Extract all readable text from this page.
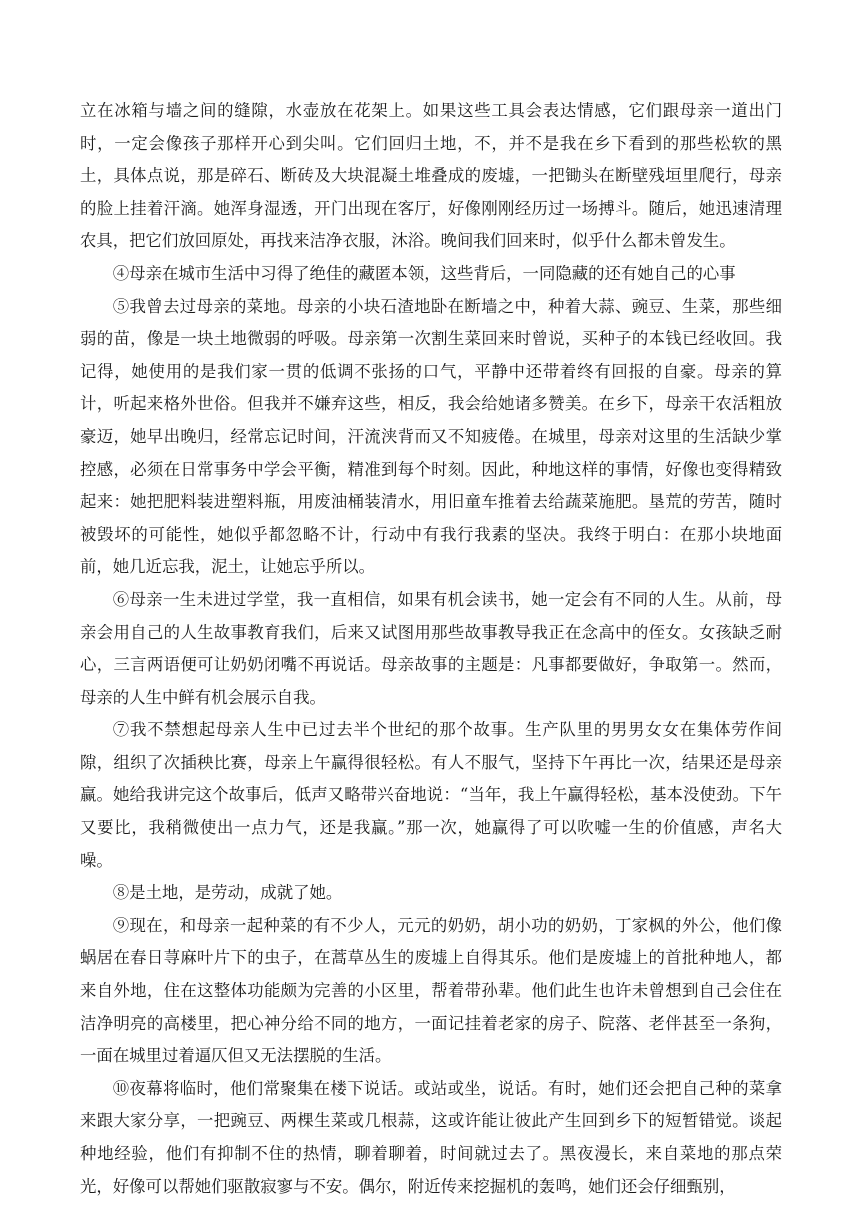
立在冰箱与墙之间的缝隙，水壶放在花架上。如果这些工具会表达情感，它们跟母亲一道出门时，一定会像孩子那样开心到尖叫。它们回归土地，不，并不是我在乡下看到的那些松软的黑土，具体点说，那是碎石、断砖及大块混凝土堆叠成的废墟，一把锄头在断壁残垣里爬行，母亲的脸上挂着汗滴。她浑身湿透，开门出现在客厅，好像刚刚经历过一场搏斗。随后，她迅速清理农具，把它们放回原处，再找来洁净衣服，沐浴。晚间我们回来时，似乎什么都未曾发生。

④母亲在城市生活中习得了绝佳的藏匿本领，这些背后，一同隐藏的还有她自己的心事

⑤我曾去过母亲的菜地。母亲的小块石渣地卧在断墙之中，种着大蒜、豌豆、生菜，那些细弱的苗，像是一块土地微弱的呼吸。母亲第一次割生菜回来时曾说，买种子的本钱已经收回。我记得，她使用的是我们家一贯的低调不张扬的口气，平静中还带着终有回报的自豪。母亲的算计，听起来格外世俗。但我并不嫌弃这些，相反，我会给她诸多赞美。在乡下，母亲干农活粗放豪迈，她早出晚归，经常忘记时间，汗流浃背而又不知疲倦。在城里，母亲对这里的生活缺少掌控感，必须在日常事务中学会平衡，精准到每个时刻。因此，种地这样的事情，好像也变得精致起来：她把肥料装进塑料瓶，用废油桶装清水，用旧童车推着去给蔬菜施肥。垦荒的劳苦，随时被毁坏的可能性，她似乎都忽略不计，行动中有我行我素的坚决。我终于明白：在那小块地面前，她几近忘我，泥土，让她忘乎所以。

⑥母亲一生未进过学堂，我一直相信，如果有机会读书，她一定会有不同的人生。从前，母亲会用自己的人生故事教育我们，后来又试图用那些故事教导我正在念高中的侄女。女孩缺乏耐心，三言两语便可让奶奶闭嘴不再说话。母亲故事的主题是：凡事都要做好，争取第一。然而，母亲的人生中鲜有机会展示自我。

⑦我不禁想起母亲人生中已过去半个世纪的那个故事。生产队里的男男女女在集体劳作间隙，组织了次插秧比赛，母亲上午赢得很轻松。有人不服气，坚持下午再比一次，结果还是母亲赢。她给我讲完这个故事后，低声又略带兴奋地说：“当年，我上午赢得轻松，基本没使劲。下午又要比，我稍微使出一点力气，还是我赢。”那一次，她赢得了可以吹嘘一生的价值感，声名大噪。

⑧是土地，是劳动，成就了她。

⑨现在，和母亲一起种菜的有不少人，元元的奶奶，胡小功的奶奶，丁家枫的外公，他们像蜗居在春日荨麻叶片下的虫子，在蒿草丛生的废墟上自得其乐。他们是废墟上的首批种地人，都来自外地，住在这整体功能颇为完善的小区里，帮着带孙辈。他们此生也许未曾想到自己会住在洁净明亮的高楼里，把心神分给不同的地方，一面记挂着老家的房子、院落、老伴甚至一条狗，一面在城里过着逼仄但又无法摆脱的生活。

⑩夜幕将临时，他们常聚集在楼下说话。或站或坐，说话。有时，她们还会把自己种的菜拿来跟大家分享，一把豌豆、两棵生菜或几根蒜，这或许能让彼此产生回到乡下的短暂错觉。谈起种地经验，他们有抑制不住的热情，聊着聊着，时间就过去了。黑夜漫长，来自菜地的那点荣光，好像可以帮她们驱散寂寥与不安。偶尔，附近传来挖掘机的轰鸣，她们还会仔细甄别，
